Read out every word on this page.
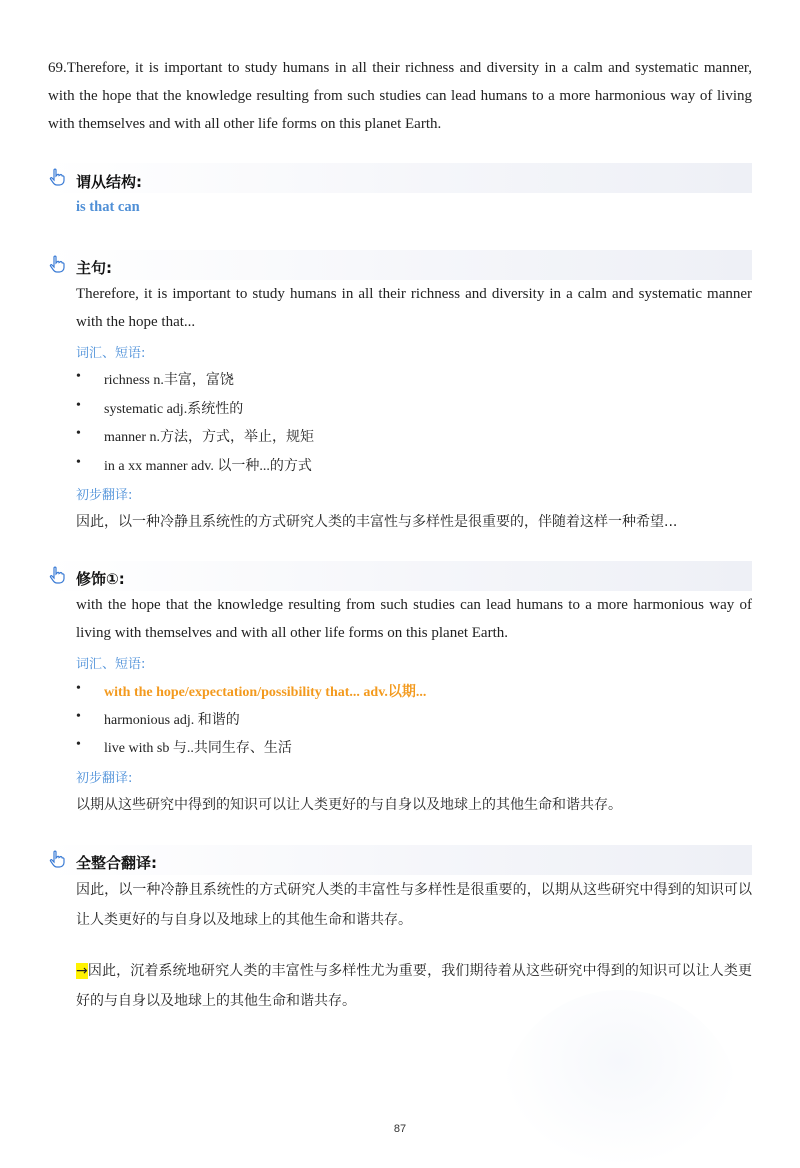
69.Therefore, it is important to study humans in all their richness and diversity in a calm and systematic manner, with the hope that the knowledge resulting from such studies can lead humans to a more harmonious way of living with themselves and with all other life forms on this planet Earth.
谓从结构:
is that can
主句:
Therefore, it is important to study humans in all their richness and diversity in a calm and systematic manner with the hope that...
词汇、短语:
• richness n.丰富，富饶
• systematic adj.系统性的
• manner n.方法，方式，举止，规矩
• in a xx manner adv. 以一种...的方式
初步翻译:
因此，以一种冷静且系统性的方式研究人类的丰富性与多样性是很重要的，伴随着这样一种希望...
修饰①:
with the hope that the knowledge resulting from such studies can lead humans to a more harmonious way of living with themselves and with all other life forms on this planet Earth.
词汇、短语:
• with the hope/expectation/possibility that... adv.以期...
• harmonious adj. 和谐的
• live with sb 与..共同生存、生活
初步翻译:
以期从这些研究中得到的知识可以让人类更好的与自身以及地球上的其他生命和谐共存。
全整合翻译:
因此，以一种冷静且系统性的方式研究人类的丰富性与多样性是很重要的，以期从这些研究中得到的知识可以让人类更好的与自身以及地球上的其他生命和谐共存。
→因此，沉着系统地研究人类的丰富性与多样性尤为重要，我们期待着从这些研究中得到的知识可以让人类更好的与自身以及地球上的其他生命和谐共存。
87
